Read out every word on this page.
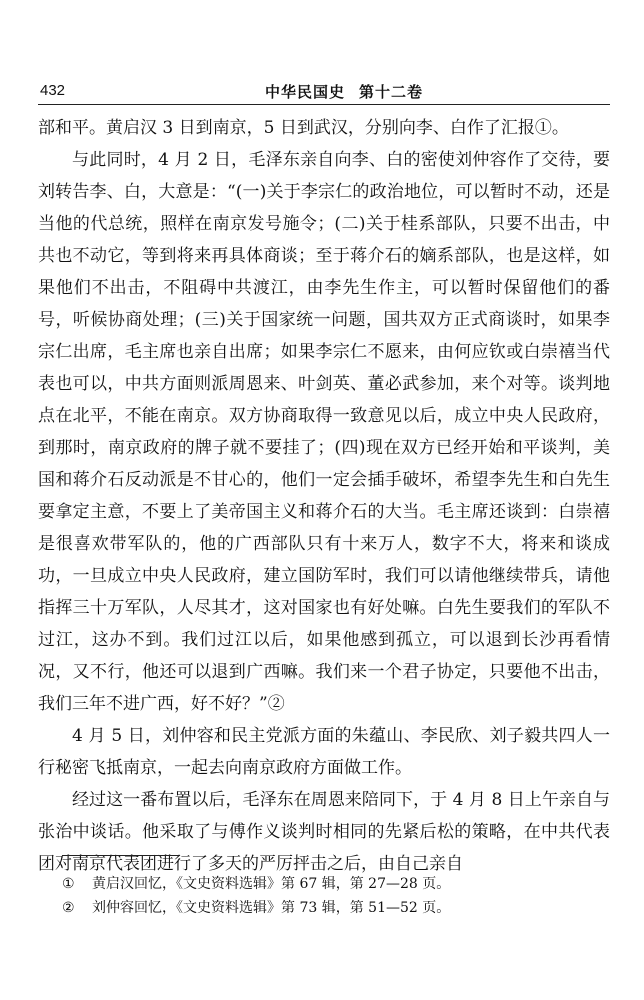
432	中华民国史 第十二卷

部和平。黄启汉 3 日到南京，5 日到武汉，分别向李、白作了汇报①。

与此同时，4 月 2 日，毛泽东亲自向李、白的密使刘仲容作了交待，要刘转告李、白，大意是：“(一)关于李宗仁的政治地位，可以暂时不动，还是当他的代总统，照样在南京发号施令；(二)关于桂系部队，只要不出击，中共也不动它，等到将来再具体商谈；至于蒋介石的嫡系部队，也是这样，如果他们不出击，不阻碍中共渡江，由李先生作主，可以暂时保留他们的番号，听候协商处理；(三)关于国家统一问题，国共双方正式商谈时，如果李宗仁出席，毛主席也亲自出席；如果李宗仁不愿来，由何应钦或白崇禧当代表也可以，中共方面则派周恩来、叶剑英、董必武参加，来个对等。谈判地点在北平，不能在南京。双方协商取得一致意见以后，成立中央人民政府，到那时，南京政府的牌子就不要挂了；(四)现在双方已经开始和平谈判，美国和蒋介石反动派是不甘心的，他们一定会插手破坏，希望李先生和白先生要拿定主意，不要上了美帝国主义和蒋介石的大当。毛主席还谈到：白崇禧是很喜欢带军队的，他的广西部队只有十来万人，数字不大，将来和谈成功，一旦成立中央人民政府，建立国防军时，我们可以请他继续带兵，请他指挥三十万军队，人尽其才，这对国家也有好处嘛。白先生要我们的军队不过江，这办不到。我们过江以后，如果他感到孤立，可以退到长沙再看情况，又不行，他还可以退到广西嘛。我们来一个君子协定，只要他不出击，我们三年不进广西，好不好？”②

4 月 5 日，刘仲容和民主党派方面的朱蕴山、李民欣、刘子毅共四人一行秘密飞抵南京，一起去向南京政府方面做工作。

经过这一番布置以后，毛泽东在周恩来陪同下，于 4 月 8 日上午亲自与张治中谈话。他采取了与傅作义谈判时相同的先紧后松的策略，在中共代表团对南京代表团进行了多天的严厉抨击之后，由自己亲自

① 黄启汉回忆，《文史资料选辑》第 67 辑，第 27—28 页。
② 刘仲容回忆，《文史资料选辑》第 73 辑，第 51—52 页。
